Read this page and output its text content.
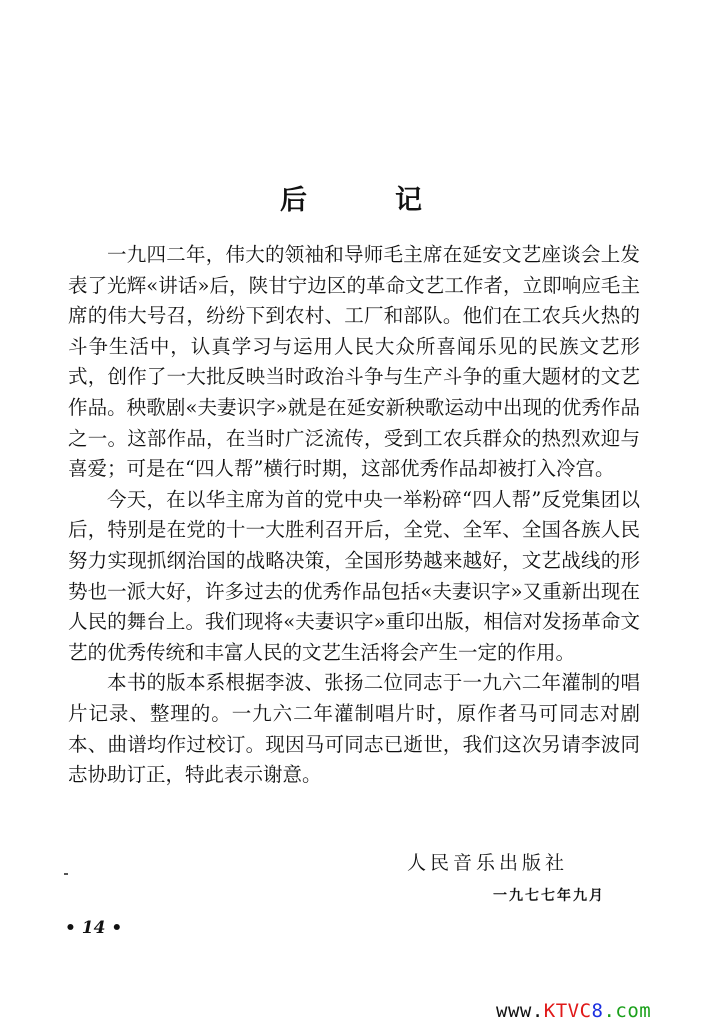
后	记

一九四二年，伟大的领袖和导师毛主席在延安文艺座谈会上发表了光辉«讲话»后，陕甘宁边区的革命文艺工作者，立即响应毛主席的伟大号召，纷纷下到农村、工厂和部队。他们在工农兵火热的斗争生活中，认真学习与运用人民大众所喜闻乐见的民族文艺形式，创作了一大批反映当时政治斗争与生产斗争的重大题材的文艺作品。秧歌剧«夫妻识字»就是在延安新秧歌运动中出现的优秀作品之一。这部作品，在当时广泛流传，受到工农兵群众的热烈欢迎与喜爱；可是在“四人帮”横行时期，这部优秀作品却被打入冷宫。

今天，在以华主席为首的党中央一举粉碎“四人帮”反党集团以后，特别是在党的十一大胜利召开后，全党、全军、全国各族人民努力实现抓纲治国的战略决策，全国形势越来越好，文艺战线的形势也一派大好，许多过去的优秀作品包括«夫妻识字»又重新出现在人民的舞台上。我们现将«夫妻识字»重印出版，相信对发扬革命文艺的优秀传统和丰富人民的文艺生活将会产生一定的作用。

本书的版本系根据李波、张扬二位同志于一九六二年灌制的唱片记录、整理的。一九六二年灌制唱片时，原作者马可同志对剧本、曲谱均作过校订。现因马可同志已逝世，我们这次另请李波同志协助订正，特此表示谢意。

人民音乐出版社
一九七七年九月
• 14 •
www.KTVC8.com
